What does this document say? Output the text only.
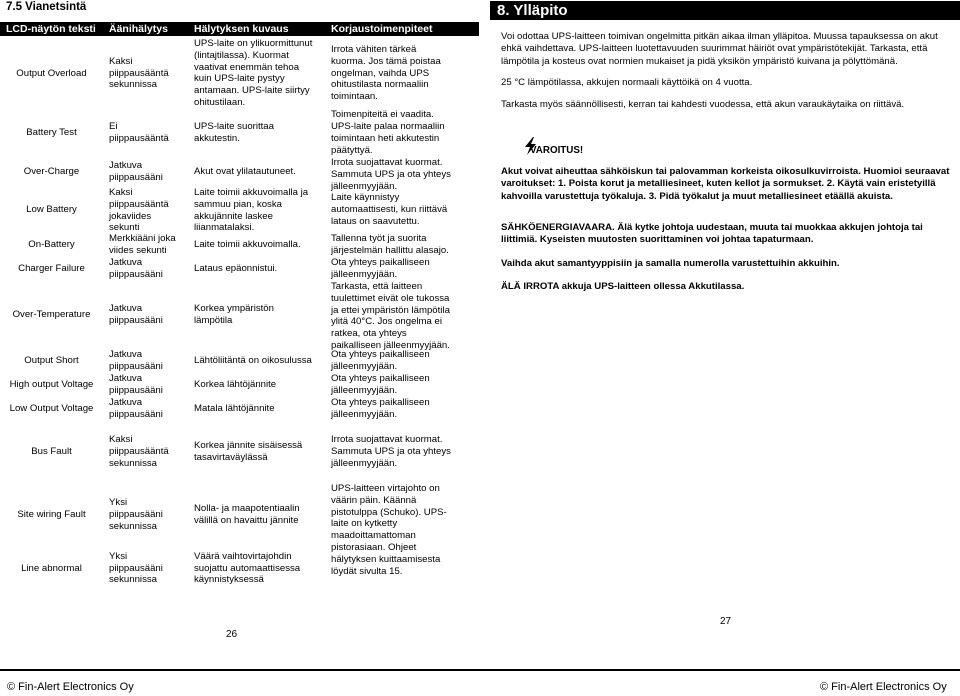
7.5 Vianetsintä
LCD-näytön teksti Äänihälytys Hälytyksen kuvaus	Korjaustoimenpiteet
Output Overload
Kaksi
piippausääntä
sekunnissa
UPS-laite on ylikuormittunut
(lintajtilassa). Kuormat
vaativat enemmän tehoa
kuin UPS-laite pystyy
antamaan. UPS-laite siirtyy
ohitustilaan.
Irrota vähiten tärkeä
kuorma. Jos tämä poistaa
ongelman, vaihda UPS
ohitustilasta normaaliin
toimintaan.
Battery Test
Ei
piippausääntä
UPS-laite suorittaa
akkutestin.
Toimenpiteitä ei vaadita.
UPS-laite palaa normaaliin
toimintaan heti akkutestin
päätyttyä.
Over-Charge
Jatkuva
piippausääni
Akut ovat ylilatautuneet.
Irrota suojattavat kuormat.
Sammuta UPS ja ota yhteys
jälleenmyyjään.
Low Battery
Kaksi
piippausääntä
jokaviides
sekunti
Laite toimii akkuvoimalla ja
sammuu pian, koska
akkujännite laskee
liianmatalaksi.
Laite käynnistyy
automaattisesti, kun riittävä
lataus on saavutettu.
On-Battery
Merkkiääni joka
viides sekunti
Laite toimii akkuvoimalla.
Tallenna työt ja suorita
järjestelmän hallittu alasajo.
Charger Failure
Jatkuva
piippausääni
Lataus epäonnistui.
Ota yhteys paikalliseen
jälleenmyyjään.
Over-Temperature
Jatkuva
piippausääni
Korkea ympäristön
lämpötila
Tarkasta, että laitteen
tuulettimet eivät ole tukossa
ja ettei ympäristön lämpötila
ylitä 40°C. Jos ongelma ei
ratkea, ota yhteys
paikalliseen jälleenmyyjään.
Output Short
Jatkuva
piippausääni
Lähtöliitäntä on oikosulussa
Ota yhteys paikalliseen
jälleenmyyjään.
High output Voltage
Jatkuva
piippausääni
Korkea lähtöjännite
Ota yhteys paikalliseen
jälleenmyyjään.
Low Output Voltage
Jatkuva
piippausääni
Matala lähtöjännite
Ota yhteys paikalliseen
jälleenmyyjään.
Bus Fault
Kaksi
piippausääntä
sekunnissa
Korkea jännite sisäisessä
tasavirtaväylässä
Irrota suojattavat kuormat.
Sammuta UPS ja ota yhteys
jälleenmyyjään.
Site wiring Fault
Yksi
piippausääni
sekunnissa
Nolla- ja maapotentiaalin
välillä on havaittu jännite
UPS-laitteen virtajohto on
väärin päin. Käännä
pistotulppa (Schuko). UPS-
laite on kytketty
maadoittamattoman
pistorasiaan. Ohjeet
hälytyksen kuittaamisesta
löydät sivulta 15.
Line abnormal
Yksi
piippausääni
sekunnissa
Väärä vaihtovirtajohdin
suojattu automaattisessa
käynnistyksessä
26
8. Ylläpito
Voi odottaa UPS-laitteen toimivan ongelmitta pitkän aikaa ilman ylläpitoa. Muussa tapauksessa on akut ehkä vaihdettava. UPS-laitteen luotettavuuden suurimmat häiriöt ovat ympäristötekijät. Tarkasta, että lämpötila ja kosteus ovat normien mukaiset ja pidä yksikön ympäristö kuivana ja pölyttömänä.
25 °C lämpötilassa, akkujen normaali käyttöikä on 4 vuotta.
Tarkasta myös säännöllisesti, kerran tai kahdesti vuodessa, että akun varaukäytaika on riittävä.
VAROITUS!
Akut voivat aiheuttaa sähköiskun tai palovamman korkeista oikosulkuvirroista. Huomioi seuraavat varoitukset: 1. Poista korut ja metalliesineet, kuten kellot ja sormukset. 2. Käytä vain eristetyillä kahvoilla varustettuja työkaluja. 3. Pidä työkalut ja muut metalliesineet etäällä akuista.
SÄHKÖENERGIAVAARA. Älä kytke johtoja uudestaan, muuta tai muokkaa akkujen johtoja tai liittimiä. Kyseisten muutosten suorittaminen voi johtaa tapaturmaan.
Vaihda akut samantyyppisiin ja samalla numerolla varustettuihin akkuihin.
ÄLÄ IRROTA akkuja UPS-laitteen ollessa Akkutilassa.
27
© Fin-Alert Electronics Oy	© Fin-Alert Electronics Oy
